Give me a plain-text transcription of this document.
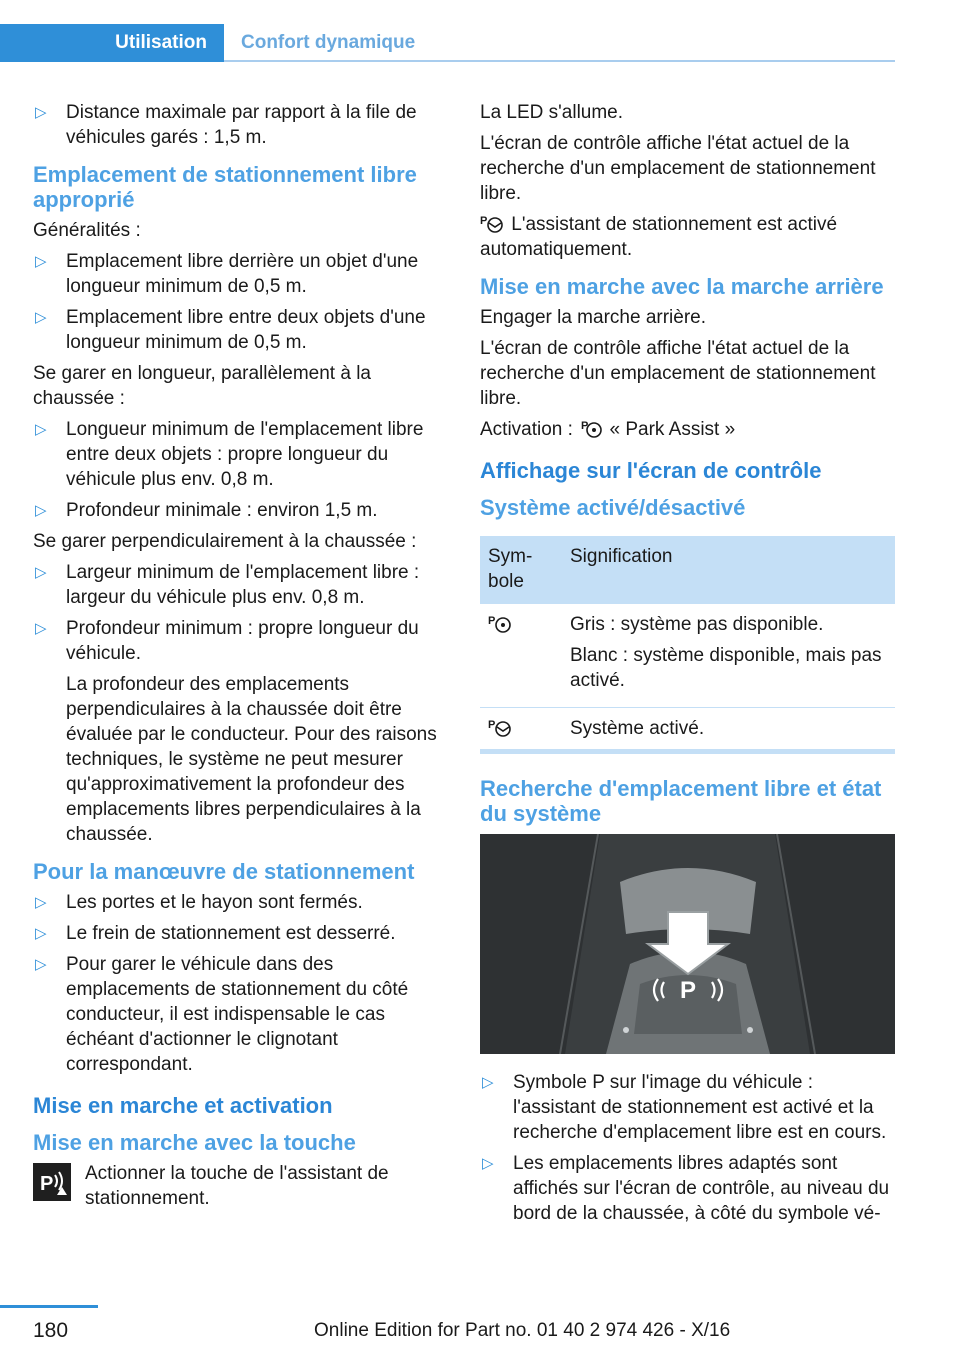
Utilisation	Confort dynamique
▷ Distance maximale par rapport à la file de véhicules garés : 1,5 m.
Emplacement de stationnement libre approprié

Généralités :

▷ Emplacement libre derrière un objet d'une longueur minimum de 0,5 m.
▷ Emplacement libre entre deux objets d'une longueur minimum de 0,5 m.

Se garer en longueur, parallèlement à la chaussée :

▷ Longueur minimum de l'emplacement libre entre deux objets : propre longueur du véhicule plus env. 0,8 m.
▷ Profondeur minimale : environ 1,5 m.

Se garer perpendiculairement à la chaussée :

▷ Largeur minimum de l'emplacement libre : largeur du véhicule plus env. 0,8 m.
▷ Profondeur minimum : propre longueur du véhicule.
La profondeur des emplacements perpendiculaires à la chaussée doit être évaluée par le conducteur. Pour des raisons techniques, le système ne peut mesurer qu'approximativement la profondeur des emplacements libres perpendiculaires à la chaussée.
Pour la manœuvre de stationnement
▷ Les portes et le hayon sont fermés.
▷ Le frein de stationnement est desserré.
▷ Pour garer le véhicule dans des emplacements de stationnement du côté conducteur, il est indispensable le cas échéant d'actionner le clignotant correspondant.
Mise en marche et activation
Mise en marche avec la touche
P Actionner la touche de l'assistant de stationnement.

La LED s'allume.

L'écran de contrôle affiche l'état actuel de la recherche d'un emplacement de stationnement libre.

P L'assistant de stationnement est activé automatiquement.

Mise en marche avec la marche arrière

Engager la marche arrière.

L'écran de contrôle affiche l'état actuel de la recherche d'un emplacement de stationnement libre.

Activation : P « Park Assist »

Affichage sur l'écran de contrôle
Système activé/désactivé
Sym-bole	Signification

P	Gris : système pas disponible.

Blanc : système disponible, mais pas activé.

P	Système activé.
Recherche d'emplacement libre et état du système
P
▷ Symbole P sur l'image du véhicule : l'assistant de stationnement est activé et la recherche d'emplacement libre est en cours.
▷ Les emplacements libres adaptés sont affichés sur l'écran de contrôle, au niveau du bord de la chaussée, à côté du symbole vé-
180	Online Edition for Part no. 01 40 2 974 426 - X/16
